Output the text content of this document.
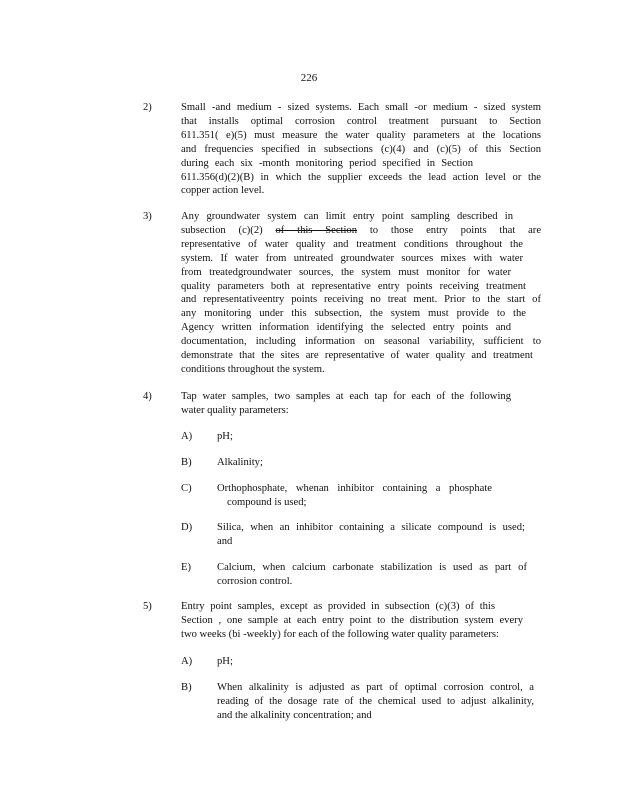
226
2)	Small -and medium - sized systems. Each small -or medium - sized system
that installs optimal corrosion control treatment pursuant to Section
611.351( e)(5) must measure the water quality parameters at the locations
and frequencies specified in subsections (c)(4) and (c)(5) of this Section
during each six -month monitoring period specified in Section
611.356(d)(2)(B) in which the supplier exceeds the lead action level or the
copper action level.
3)	Any groundwater system can limit entry point sampling described in
subsection (c)(2) of this Section to those entry points that are
representative of water quality and treatment conditions throughout the
system. If water from untreated groundwater sources mixes with water
from treatedgroundwater sources, the system must monitor for water
quality parameters both at representative entry points receiving treatment
and representativeentry points receiving no treat ment. Prior to the start of
any monitoring under this subsection, the system must provide to the
Agency written information identifying the selected entry points and
documentation, including information on seasonal variability, sufficient to
demonstrate that the sites are representative of water quality and treatment
conditions throughout the system.
4)	Tap water samples, two samples at each tap for each of the following
water quality parameters:
A) pH;
B) Alkalinity;
C) Orthophosphate, whenan inhibitor containing a phosphate
compound is used;
D) Silica, when an inhibitor containing a silicate compound is used;
and
E) Calcium, when calcium carbonate stabilization is used as part of
corrosion control.
5)	Entry point samples, except as provided in subsection (c)(3) of this
Section , one sample at each entry point to the distribution system every
two weeks (bi -weekly) for each of the following water quality parameters:
A) pH;
B) When alkalinity is adjusted as part of optimal corrosion control, a
reading of the dosage rate of the chemical used to adjust alkalinity,
and the alkalinity concentration; and
